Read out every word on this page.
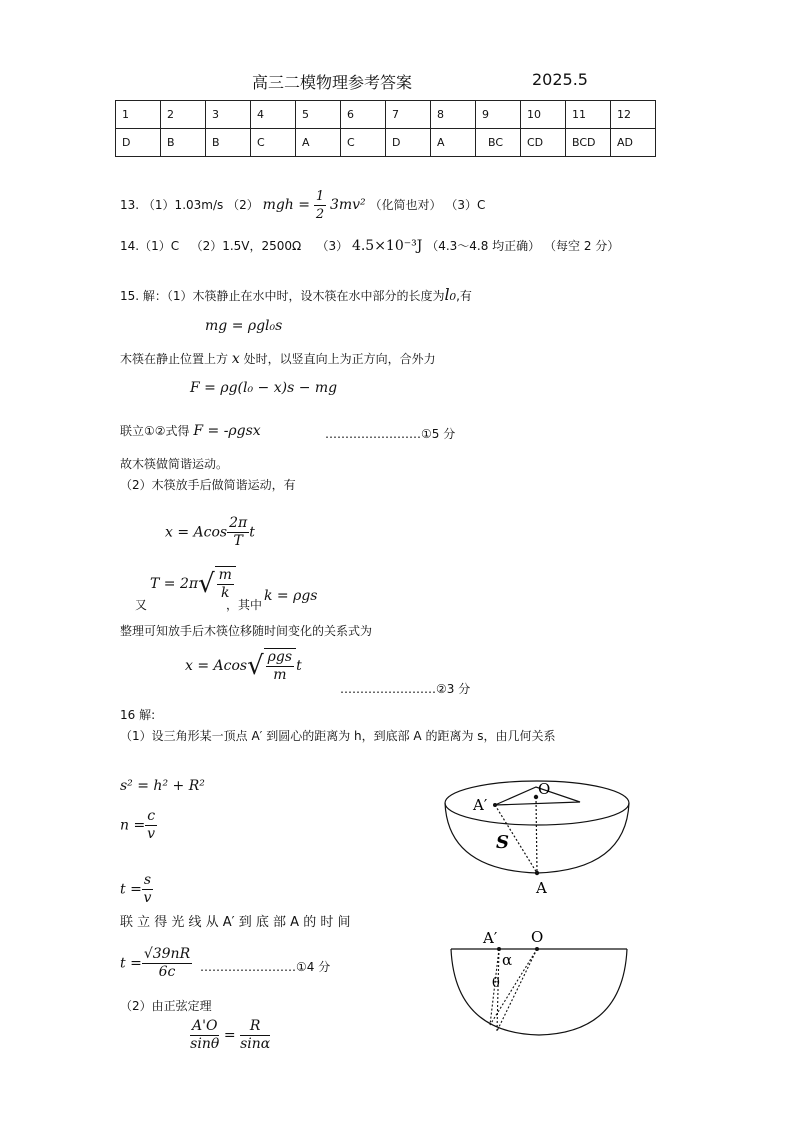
高三二模物理参考答案	2025.5
1	2	3	4	5	6	7	8	9	10	11	12
D	B	B	C	A	C	D	A	BC	CD	BCD	AD
13. （1）1.03m/s （2） mgh = $\frac{1}{2} 3mv^2$ （化简也对） （3）C
14.（1）C （2）1.5V，2500Ω （3） 4.5×10⁻³J （4.3～4.8 均正确） （每空 2 分）
15. 解：（1）木筷静止在水中时，设木筷在水中部分的长度为l₀,有
mg = ρgl₀s
木筷在静止位置上方 x 处时，以竖直向上为正方向，合外力
F = ρg(l₀ − x)s − mg
联立①②式得 F = -ρgsx	……………………①5 分
故木筷做简谐运动。
（2）木筷放手后做简谐运动，有
x = Acos $\frac{2\pi}{T}$ t
又
$T = 2\pi√ \frac{m}{k}$
，其中
k = ρgs
整理可知放手后木筷位移随时间变化的关系式为
$x = Acos√ \frac{\text{ρgs}}{m}$ t
……………………②3 分
16 解:
（1）设三角形某一顶点 A′ 到圆心的距离为 h，到底部 A 的距离为 s，由几何关系
s² = h² + R²
$n = \frac{c}{v}$
$t = \frac{s}{v}$
联 立 得 光 线 从 A′ 到 底 部 A 的 时 间
$t = \frac{√39nR}{6c}$ ……………………①4 分
（2）由正弦定理
$\frac{A'O}{\sin\theta} = \frac{R}{\sin\alpha}$
A′
O
S
A
A′ O
α
θ
